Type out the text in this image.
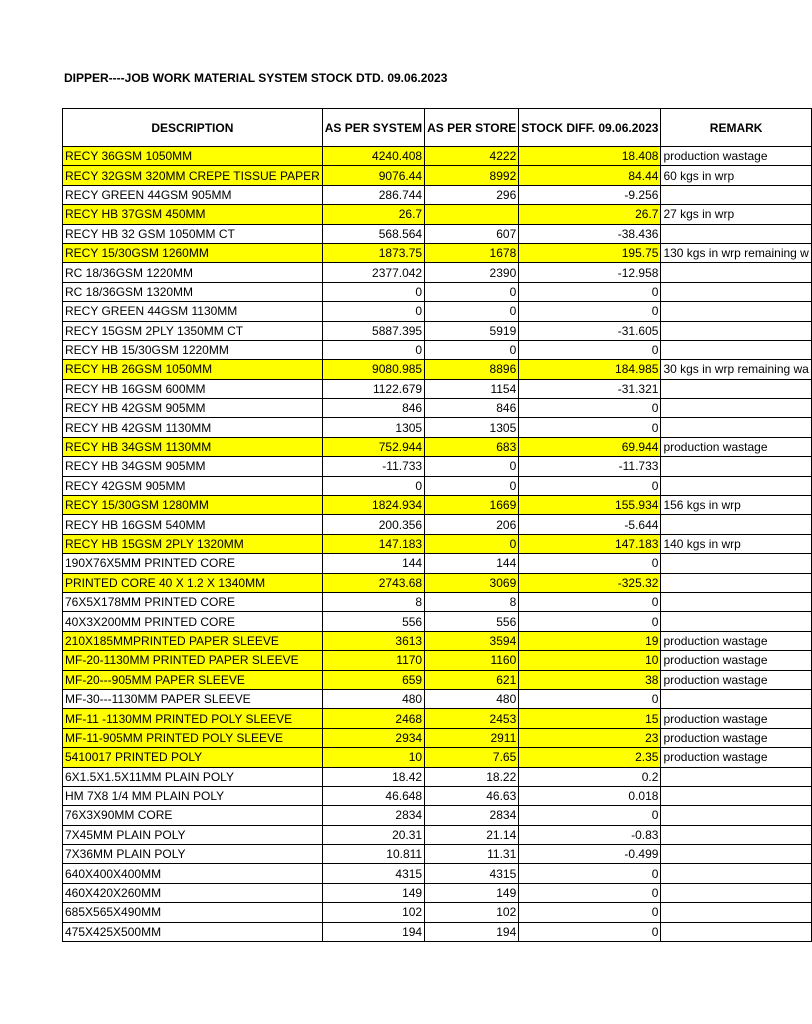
DIPPER----JOB WORK MATERIAL SYSTEM STOCK DTD. 09.06.2023
DESCRIPTION	AS PER SYSTEM	AS PER STORE	STOCK DIFF. 09.06.2023	REMARK
RECY 36GSM 1050MM	4240.408	4222	18.408	production wastage
RECY 32GSM 320MM CREPE TISSUE PAPER	9076.44	8992	84.44	60 kgs in wrp
RECY GREEN 44GSM 905MM	286.744	296	-9.256	
RECY HB 37GSM 450MM	26.7		26.7	27 kgs in wrp
RECY HB 32 GSM 1050MM CT	568.564	607	-38.436	
RECY 15/30GSM 1260MM	1873.75	1678	195.75	130 kgs in wrp remaining w
RC 18/36GSM 1220MM	2377.042	2390	-12.958	
RC 18/36GSM 1320MM	0	0	0	
RECY GREEN 44GSM 1130MM	0	0	0	
RECY 15GSM 2PLY 1350MM CT	5887.395	5919	-31.605	
RECY HB 15/30GSM 1220MM	0	0	0	
RECY HB 26GSM 1050MM	9080.985	8896	184.985	30 kgs in wrp remaining wa
RECY HB 16GSM 600MM	1122.679	1154	-31.321	
RECY HB 42GSM 905MM	846	846	0	
RECY HB 42GSM 1130MM	1305	1305	0	
RECY HB 34GSM 1130MM	752.944	683	69.944	production wastage
RECY HB 34GSM 905MM	-11.733	0	-11.733	
RECY 42GSM 905MM	0	0	0	
RECY 15/30GSM 1280MM	1824.934	1669	155.934	156 kgs in wrp
RECY HB 16GSM 540MM	200.356	206	-5.644	
RECY HB 15GSM 2PLY 1320MM	147.183	0	147.183	140 kgs in wrp
190X76X5MM PRINTED CORE	144	144	0	
PRINTED CORE 40 X 1.2 X 1340MM	2743.68	3069	-325.32	
76X5X178MM PRINTED CORE	8	8	0	
40X3X200MM PRINTED CORE	556	556	0	
210X185MMPRINTED PAPER SLEEVE	3613	3594	19	production wastage
MF-20-1130MM PRINTED PAPER SLEEVE	1170	1160	10	production wastage
MF-20---905MM PAPER SLEEVE	659	621	38	production wastage
MF-30---1130MM PAPER SLEEVE	480	480	0	
MF-11 -1130MM PRINTED POLY SLEEVE	2468	2453	15	production wastage
MF-11-905MM PRINTED POLY SLEEVE	2934	2911	23	production wastage
5410017 PRINTED POLY	10	7.65	2.35	production wastage
6X1.5X1.5X11MM PLAIN POLY	18.42	18.22	0.2	
HM 7X8 1/4 MM PLAIN POLY	46.648	46.63	0.018	
76X3X90MM CORE	2834	2834	0	
7X45MM PLAIN POLY	20.31	21.14	-0.83	
7X36MM PLAIN POLY	10.811	11.31	-0.499	
640X400X400MM	4315	4315	0	
460X420X260MM	149	149	0	
685X565X490MM	102	102	0	
475X425X500MM	194	194	0	
